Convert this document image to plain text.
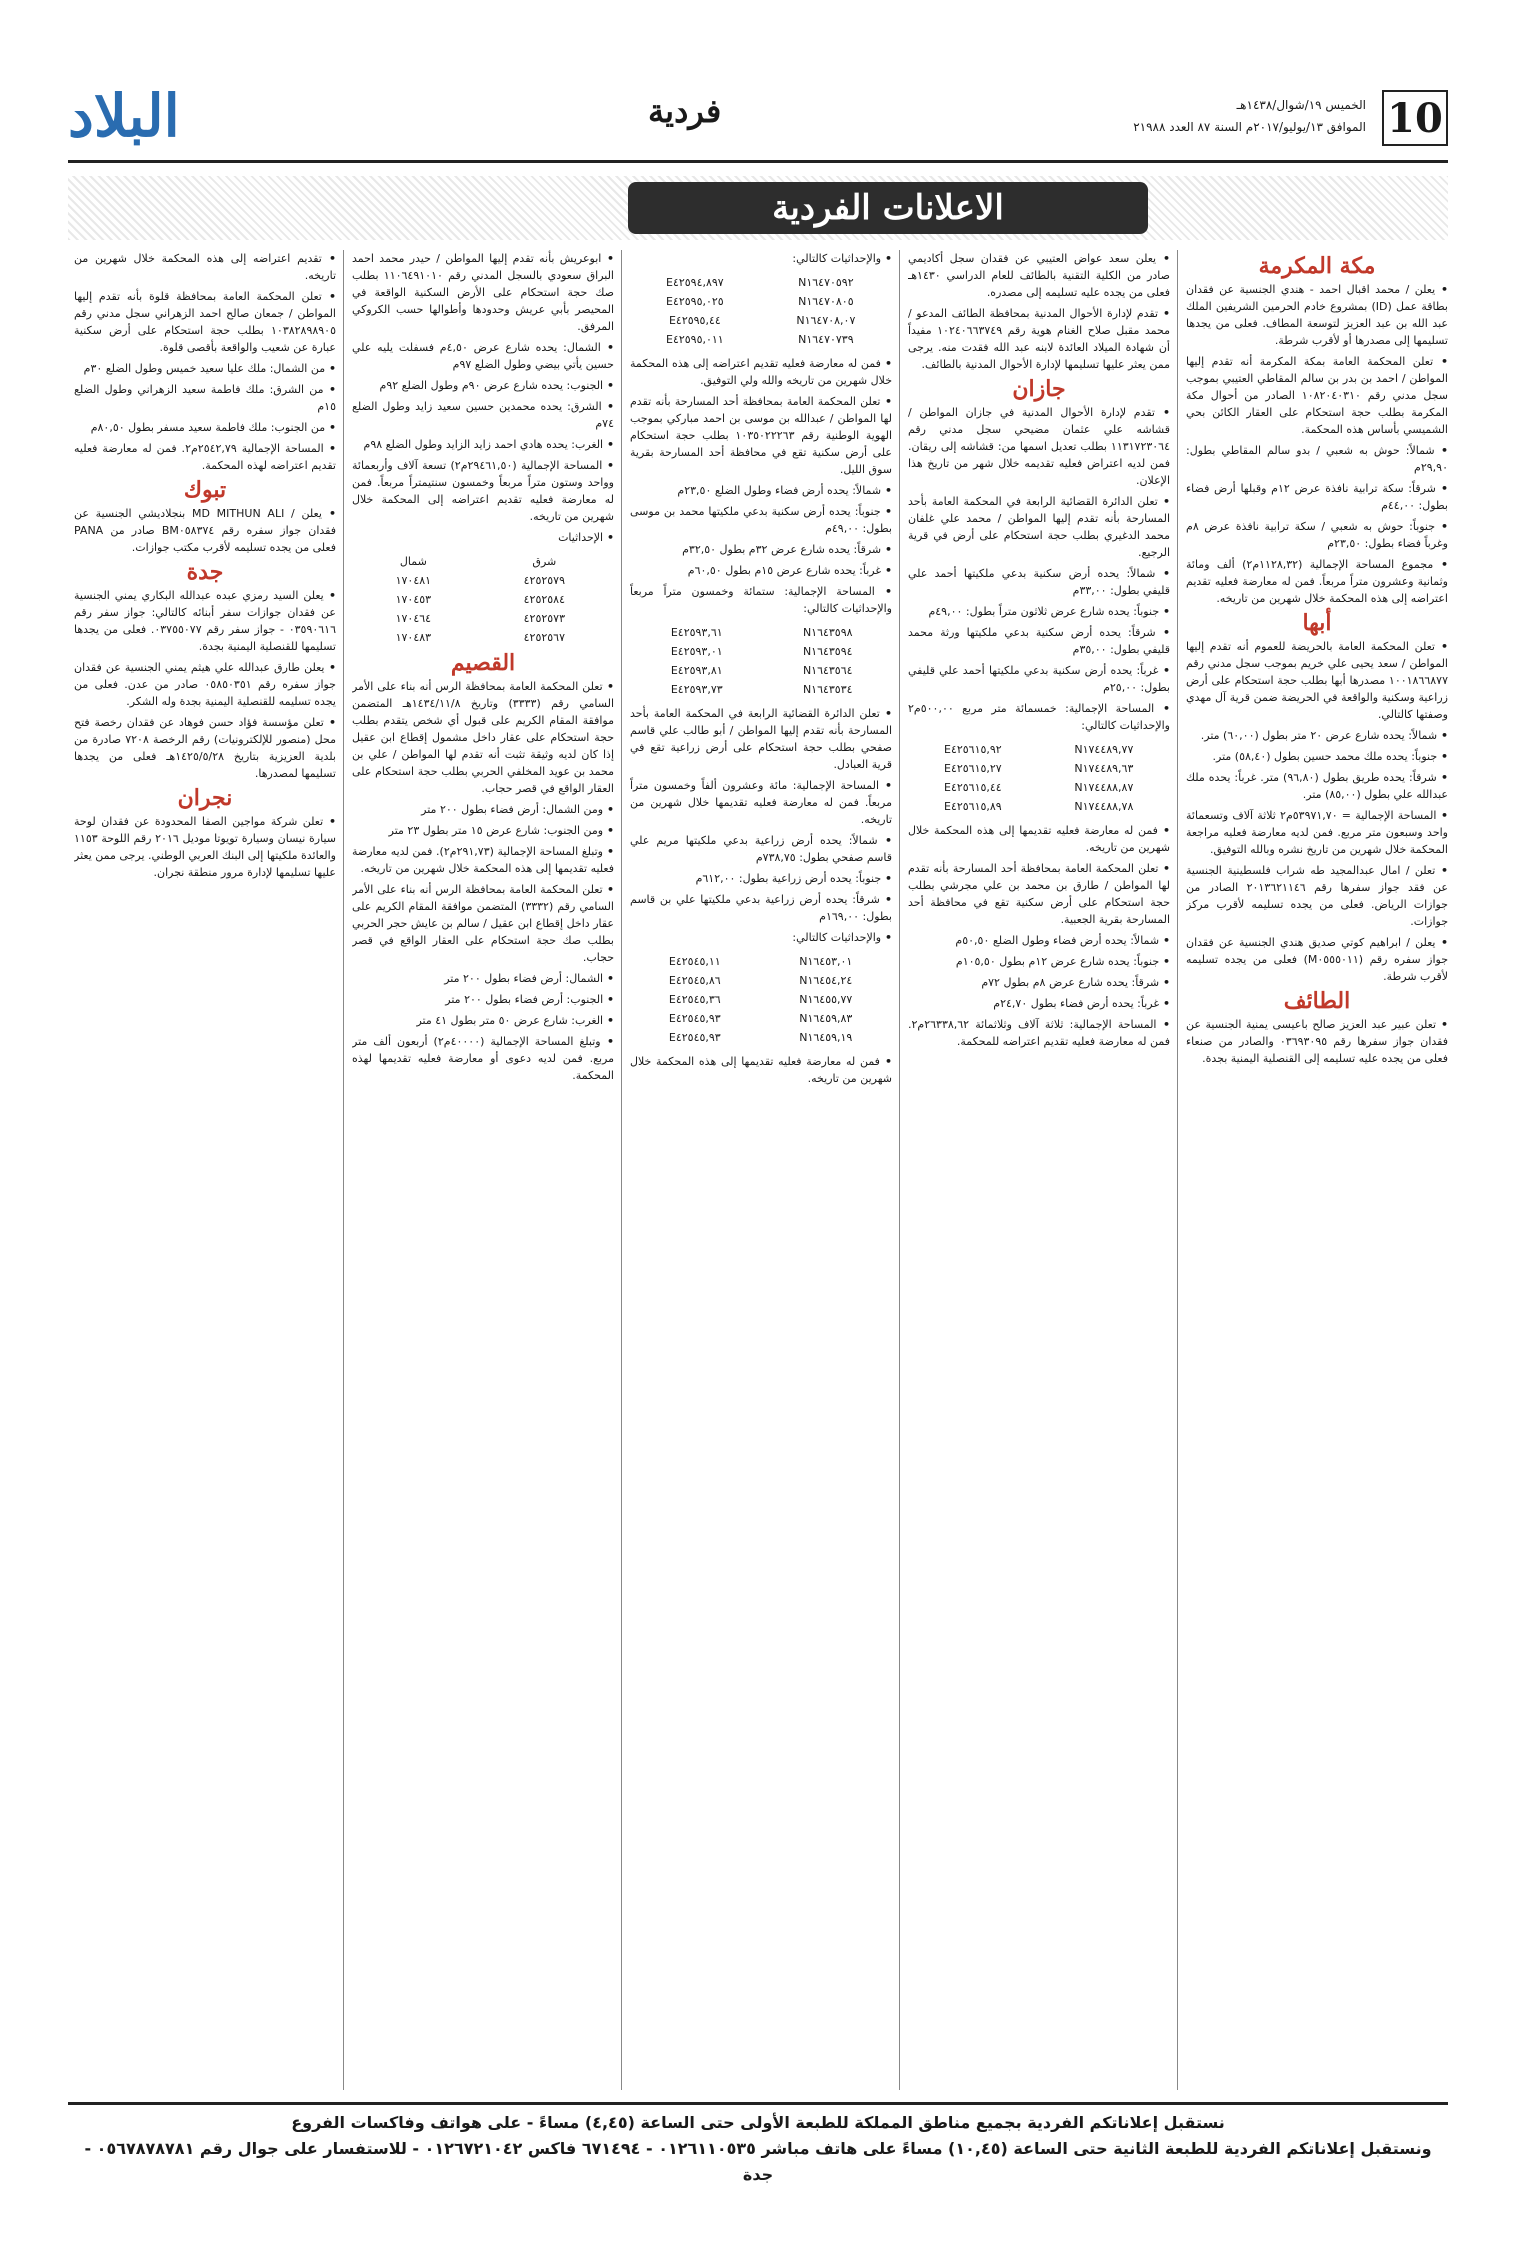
10
الخميس ١٩/شوال/١٤٣٨هـ
الموافق ١٣/يوليو/٢٠١٧م السنة ٨٧ العدد ٢١٩٨٨
فردية
البلاد
الاعلانات الفردية
مكة المكرمة

• يعلن / محمد اقبال احمد - هندي الجنسية عن فقدان بطاقة عمل (ID) بمشروع خادم الحرمين الشريفين الملك عبد الله بن عبد العزيز لتوسعة المطاف. فعلى من يجدها تسليمها إلى مصدرها أو لأقرب شرطة.

• تعلن المحكمة العامة بمكة المكرمة أنه تقدم إليها المواطن / احمد بن بدر بن سالم المقاطي العتيبي بموجب سجل مدني رقم ١٠٨٢٠٤٠٣١٠ الصادر من أحوال مكة المكرمة بطلب حجة استحكام على العقار الكائن بحي الشميسي بأساس هذه المحكمة.

• شمالاً: حوش به شعبي / بدو سالم المقاطي بطول: ٢٩,٩٠م

• شرقاً: سكة ترابية نافذة عرض ١٢م وقبلها أرض فضاء بطول: ٤٤,٠٠م

• جنوباً: حوش به شعبي / سكة ترابية نافذة عرض ٨م وغرباً فضاء بطول: ٢٣,٥٠م

• مجموع المساحة الإجمالية (١١٢٨,٣٢م٢) ألف ومائة وثمانية وعشرون متراً مربعاً. فمن له معارضة فعليه تقديم اعتراضه إلى هذه المحكمة خلال شهرين من تاريخه.

أبها

• تعلن المحكمة العامة بالحريضة للعموم أنه تقدم إليها المواطن / سعد يحيى علي خريم بموجب سجل مدني رقم ١٠٠١٨٦٦٨٧٧ مصدرها أبها بطلب حجة استحكام على أرض زراعية وسكنية والواقعة في الحريضة ضمن قرية آل مهدي وصفتها كالتالي.

• شمالاً: يحده شارع عرض ٢٠ متر بطول (٦٠,٠٠) متر.

• جنوباً: يحده ملك محمد حسين بطول (٥٨,٤٠) متر.

• شرقاً: يحده طريق بطول (٩٦,٨٠) متر. غرباً: يحده ملك عبدالله علي بطول (٨٥,٠٠) متر.

• المساحة الإجمالية = ٥٣٩٧١,٧٠م٢ ثلاثة آلاف وتسعمائة واحد وسبعون متر مربع. فمن لديه معارضة فعليه مراجعة المحكمة خلال شهرين من تاريخ نشره وبالله التوفيق.

• تعلن / امال عبدالمجيد طه شراب فلسطينية الجنسية عن فقد جواز سفرها رقم ٢٠١٣٦٢١١٤٦ الصادر من جوازات الرياض. فعلى من يجده تسليمه لأقرب مركز جوازات.

• يعلن / ابراهيم كوتي صديق هندي الجنسية عن فقدان جواز سفره رقم (M٠٥٥٥٠١١) فعلى من يجده تسليمه لأقرب شرطة.

الطائف

• تعلن عبير عبد العزيز صالح باعيسى يمنية الجنسية عن فقدان جواز سفرها رقم ٠٣٦٩٣٠٩٥ والصادر من صنعاء فعلى من يجده عليه تسليمه إلى القنصلية اليمنية بجدة.

• يعلن سعد عواض العتيبي عن فقدان سجل أكاديمي صادر من الكلية التقنية بالطائف للعام الدراسي ١٤٣٠هـ فعلى من يجده عليه تسليمه إلى مصدره.

• تقدم لإدارة الأحوال المدنية بمحافظة الطائف المدعو / محمد مقبل صلاح الغنام هوية رقم ١٠٢٤٠٦٦٣٧٤٩ مفيداً أن شهادة الميلاد العائدة لابنه عبد الله فقدت منه. يرجى ممن يعثر عليها تسليمها لإدارة الأحوال المدنية بالطائف.

جازان

• تقدم لإدارة الأحوال المدنية في جازان المواطن / قشاشه علي عثمان مضيحي سجل مدني رقم ١١٣١٧٢٣٠٦٤ بطلب تعديل اسمها من: قشاشه إلى ريقان. فمن لديه اعتراض فعليه تقديمه خلال شهر من تاريخ هذا الإعلان.

• تعلن الدائرة القضائية الرابعة في المحكمة العامة بأحد المسارحة بأنه تقدم إليها المواطن / محمد علي غلفان محمد الدغيري بطلب حجة استحكام على أرض في قرية الرجيع.

• شمالاً: يحده أرض سكنية بدعي ملكيتها أحمد علي قليفي بطول: ٣٣,٠٠م

• جنوباً: يحده شارع عرض ثلاثون متراً بطول: ٤٩,٠٠م

• شرقاً: يحده أرض سكنية بدعي ملكيتها ورثة محمد قليفي بطول: ٣٥,٠٠م

• غرباً: يحده أرض سكنية بدعي ملكيتها أحمد علي قليفي بطول: ٢٥,٠٠م

• المساحة الإجمالية: خمسمائة متر مربع ٥٠٠,٠٠م٢ والإحداثيات كالتالي:

E٤٢٥٦١٥,٩٢	N١٧٤٤٨٩,٧٧
E٤٢٥٦١٥,٢٧	N١٧٤٤٨٩,٦٣
E٤٢٥٦١٥,٤٤	N١٧٤٤٨٨,٨٧
E٤٢٥٦١٥,٨٩	N١٧٤٤٨٨,٧٨

• فمن له معارضة فعليه تقديمها إلى هذه المحكمة خلال شهرين من تاريخه.

• تعلن المحكمة العامة بمحافظة أحد المسارحة بأنه تقدم لها المواطن / طارق بن محمد بن علي مجرشي بطلب حجة استحكام على أرض سكنية تقع في محافظة أحد المسارحة بقرية الجعبية.

• شمالاً: يحده أرض فضاء وطول الضلع ٥٠,٥٠م

• جنوباً: يحده شارع عرض ١٢م بطول ١٠٥,٥٠م

• شرقاً: يحده شارع عرض ٨م بطول ٧٢م

• غرباً: يحده أرض فضاء بطول ٢٤,٧٠م

• المساحة الإجمالية: ثلاثة آلاف وثلاثمائة ٢٦٣٣٨,٦٢م٢. فمن له معارضة فعليه تقديم اعتراضه للمحكمة.

• والإحداثيات كالتالي:

E٤٢٥٩٤,٨٩٧	N١٦٤٧٠٥٩٢
E٤٢٥٩٥,٠٢٥	N١٦٤٧٠٨٠٥
E٤٢٥٩٥,٤٤	N١٦٤٧٠٨,٠٧
E٤٢٥٩٥,٠١١	N١٦٤٧٠٧٣٩

• فمن له معارضة فعليه تقديم اعتراضه إلى هذه المحكمة خلال شهرين من تاريخه والله ولي التوفيق.

• تعلن المحكمة العامة بمحافظة أحد المسارحة بأنه تقدم لها المواطن / عبدالله بن موسى بن احمد مباركي بموجب الهوية الوطنية رقم ١٠٣٥٠٢٢٢٦٣ بطلب حجة استحكام على أرض سكنية تقع في محافظة أحد المسارحة بقرية سوق الليل.

• شمالاً: يحده أرض فضاء وطول الضلع ٢٣,٥٠م

• جنوباً: يحده أرض سكنية بدعي ملكيتها محمد بن موسى بطول: ٤٩,٠٠م

• شرقاً: يحده شارع عرض ٣٢م بطول ٣٢,٥٠م

• غرباً: يحده شارع عرض ١٥م بطول ٦٠,٥٠م

• المساحة الإجمالية: ستمائة وخمسون متراً مربعاً والإحداثيات كالتالي:

E٤٢٥٩٣,٦١	N١٦٤٣٥٩٨
E٤٢٥٩٣,٠١	N١٦٤٣٥٩٤
E٤٢٥٩٣,٨١	N١٦٤٣٥٦٤
E٤٢٥٩٣,٧٣	N١٦٤٣٥٣٤

• تعلن الدائرة القضائية الرابعة في المحكمة العامة بأحد المسارحة بأنه تقدم إليها المواطن / أبو طالب علي قاسم صفحي بطلب حجة استحكام على أرض زراعية تقع في قرية العبادل.

• المساحة الإجمالية: مائة وعشرون ألفاً وخمسون متراً مربعاً. فمن له معارضة فعليه تقديمها خلال شهرين من تاريخه.

• شمالاً: يحده أرض زراعية بدعي ملكيتها مريم علي قاسم صفحي بطول: ٧٣٨,٧٥م

• جنوباً: يحده أرض زراعية بطول: ٦١٢,٠٠م

• شرقاً: يحده أرض زراعية بدعي ملكيتها علي بن قاسم بطول: ١٦٩,٠٠م

• والإحداثيات كالتالي:

E٤٢٥٤٥,١١	N١٦٤٥٣,٠١
E٤٢٥٤٥,٨٦	N١٦٤٥٤,٢٤
E٤٢٥٤٥,٣٦	N١٦٤٥٥,٧٧
E٤٢٥٤٥,٩٣	N١٦٤٥٩,٨٣
E٤٢٥٤٥,٩٣	N١٦٤٥٩,١٩

• فمن له معارضة فعليه تقديمها إلى هذه المحكمة خلال شهرين من تاريخه.

• ابوعريش بأنه تقدم إليها المواطن / حيدر محمد احمد البراق سعودي بالسجل المدني رقم ١١٠٦٤٩١٠١٠ بطلب صك حجة استحكام على الأرض السكنية الواقعة في المحيصر بأبي عريش وحدودها وأطوالها حسب الكروكي المرفق.

• الشمال: يحده شارع عرض ٤,٥٠م فسفلت يليه علي حسين يأتي بيضي وطول الضلع ٩٧م

• الجنوب: يحده شارع عرض ٩٠م وطول الضلع ٩٢م

• الشرق: يحده محمدين حسين سعيد زايد وطول الضلع ٧٤م

• الغرب: يحده هادي احمد زايد الزايد وطول الضلع ٩٨م

• المساحة الإجمالية (٢٩٤٦١,٥٠م٢) تسعة آلاف وأربعمائة وواحد وستون متراً مربعاً وخمسون سنتيمتراً مربعاً. فمن له معارضة فعليه تقديم اعتراضه إلى المحكمة خلال شهرين من تاريخه.

• الإحداثيات

شمال	شرق
١٧٠٤٨١	٤٢٥٢٥٧٩
١٧٠٤٥٣	٤٢٥٢٥٨٤
١٧٠٤٦٤	٤٢٥٢٥٧٣
١٧٠٤٨٣	٤٢٥٢٥٦٧
القصيم

• تعلن المحكمة العامة بمحافظة الرس أنه بناء على الأمر السامي رقم (٣٣٣٣) وتاريخ ١٤٣٤/١١/٨هـ المتضمن موافقة المقام الكريم على قبول أي شخص يتقدم بطلب حجة استحكام على عقار داخل مشمول إقطاع ابن عقيل إذا كان لديه وثيقة تثبت أنه تقدم لها المواطن / علي بن محمد بن عويد المخلفي الحربي بطلب حجة استحكام على العقار الواقع في قصر حجاب.

• ومن الشمال: أرض فضاء بطول ٢٠٠ متر

• ومن الجنوب: شارع عرض ١٥ متر بطول ٢٣ متر

• وتبلغ المساحة الإجمالية (٢٩١,٧٣م٢). فمن لديه معارضة فعليه تقديمها إلى هذه المحكمة خلال شهرين من تاريخه.

• تعلن المحكمة العامة بمحافظة الرس أنه بناء على الأمر السامي رقم (٣٣٣٢) المتضمن موافقة المقام الكريم على عقار داخل إقطاع ابن عقيل / سالم بن عايش حجر الحربي بطلب صك حجة استحكام على العقار الواقع في قصر حجاب.

• الشمال: أرض فضاء بطول ٢٠٠ متر

• الجنوب: أرض فضاء بطول ٢٠٠ متر

• الغرب: شارع عرض ٥٠ متر بطول ٤١ متر

• وتبلغ المساحة الإجمالية (٤٠٠٠٠م٢) أربعون ألف متر مربع. فمن لديه دعوى أو معارضة فعليه تقديمها لهذه المحكمة.

• تقديم اعتراضه إلى هذه المحكمة خلال شهرين من تاريخه.

• تعلن المحكمة العامة بمحافظة قلوة بأنه تقدم إليها المواطن / جمعان صالح احمد الزهراني سجل مدني رقم ١٠٣٨٢٨٩٨٩٠٥ بطلب حجة استحكام على أرض سكنية عبارة عن شعيب والواقعة بأقصى قلوة.

• من الشمال: ملك عليا سعيد خميس وطول الضلع ٣٠م

• من الشرق: ملك فاطمة سعيد الزهراني وطول الضلع ١٥م

• من الجنوب: ملك فاطمة سعيد مسفر بطول ٨٠,٥٠م

• المساحة الإجمالية ٢٥٤٢,٧٩م٢. فمن له معارضة فعليه تقديم اعتراضه لهذه المحكمة.

تبوك

• يعلن / MD MITHUN ALI بنجلاديشي الجنسية عن فقدان جواز سفره رقم BM٠٥٨٣٧٤ صادر من PANA فعلى من يجده تسليمه لأقرب مكتب جوازات.

جدة

• يعلن السيد رمزي عبده عبدالله البكاري يمني الجنسية عن فقدان جوازات سفر أبنائه كالتالي: جواز سفر رقم ٠٣٥٩٠٦١٦ - جواز سفر رقم ٠٣٧٥٥٠٧٧. فعلى من يجدها تسليمها للقنصلية اليمنية بجدة.

• يعلن طارق عبدالله علي هيثم يمني الجنسية عن فقدان جواز سفره رقم ٠٥٨٥٠٣٥١ صادر من عدن. فعلى من يجده تسليمه للقنصلية اليمنية بجدة وله الشكر.

• تعلن مؤسسة فؤاد حسن فوهاد عن فقدان رخصة فتح محل (منصور للإلكترونيات) رقم الرخصة ٧٢٠٨ صادرة من بلدية العزيزية بتاريخ ١٤٢٥/٥/٢٨هـ فعلى من يجدها تسليمها لمصدرها.

نجران

• تعلن شركة مواجين الصفا المحدودة عن فقدان لوحة سيارة نيسان وسيارة تويوتا موديل ٢٠١٦ رقم اللوحة ١١٥٣ والعائدة ملكيتها إلى البنك العربي الوطني. يرجى ممن يعثر عليها تسليمها لإدارة مرور منطقة نجران.

نستقبل إعلاناتكم الفردية بجميع مناطق المملكة للطبعة الأولى حتى الساعة (٤,٤٥) مساءً - على هواتف وفاكسات الفروع
ونستقبل إعلاناتكم الفردية للطبعة الثانية حتى الساعة (١٠,٤٥) مساءً على هاتف مباشر ٠١٢٦١١٠٥٣٥ - ٦٧١٤٩٤ فاكس ٠١٢٦٧٢١٠٤٢ - للاستفسار على جوال رقم ٠٥٦٧٨٧٨٧٨١ - جدة
